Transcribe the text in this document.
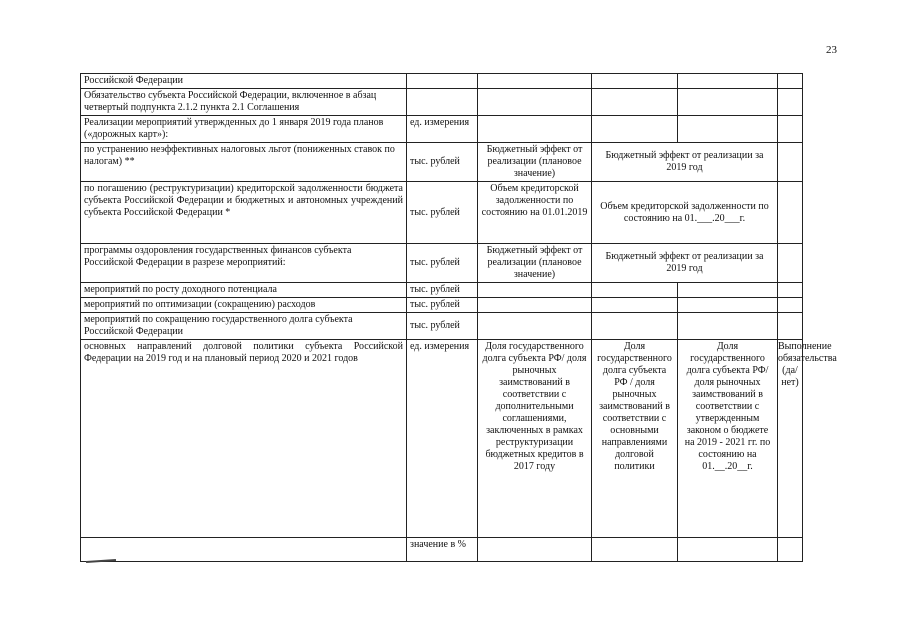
23
Российской Федерации					
Обязательство субъекта Российской Федерации, включенное в абзац четвертый подпункта 2.1.2 пункта 2.1 Соглашения					
Реализации мероприятий утвержденных до 1 января 2019 года планов («дорожных карт»):	ед. измерения				
по устранению неэффективных налоговых льгот (пониженных ставок по налогам) **	тыс. рублей	Бюджетный эффект от реализации (плановое значение)	Бюджетный эффект от реализации за 2019 год		
по погашению (реструктуризации) кредиторской задолженности бюджета субъекта Российской Федерации и бюджетных и автономных учреждений субъекта Российской Федерации *	тыс. рублей	Объем кредиторской задолженности по состоянию на 01.01.2019	Объем кредиторской задолженности по состоянию на 01.___.20___г.		
программы оздоровления государственных финансов субъекта Российской Федерации в разрезе мероприятий:	тыс. рублей	Бюджетный эффект от реализации (плановое значение)	Бюджетный эффект от реализации за 2019 год		
мероприятий по росту доходного потенциала	тыс. рублей				
мероприятий по оптимизации (сокращению) расходов	тыс. рублей				
мероприятий по сокращению государственного долга субъекта Российской Федерации	тыс. рублей				
основных направлений долговой политики субъекта Российской Федерации на 2019 год и на плановый период 2020 и 2021 годов	ед. измерения	Доля государственного долга субъекта РФ/ доля рыночных заимствований в соответствии с дополнительными соглашениями, заключенных в рамках реструктуризации бюджетных кредитов в 2017 году	Доля государственного долга субъекта РФ / доля рыночных заимствований в соответствии с основными направлениями долговой политики	Доля государственного долга субъекта РФ/доля рыночных заимствований в соответствии с утвержденным законом о бюджете на 2019 - 2021 гг. по состоянию на 01.__.20__г.	Выполнение обязательства (да/нет)
	значение в %				
